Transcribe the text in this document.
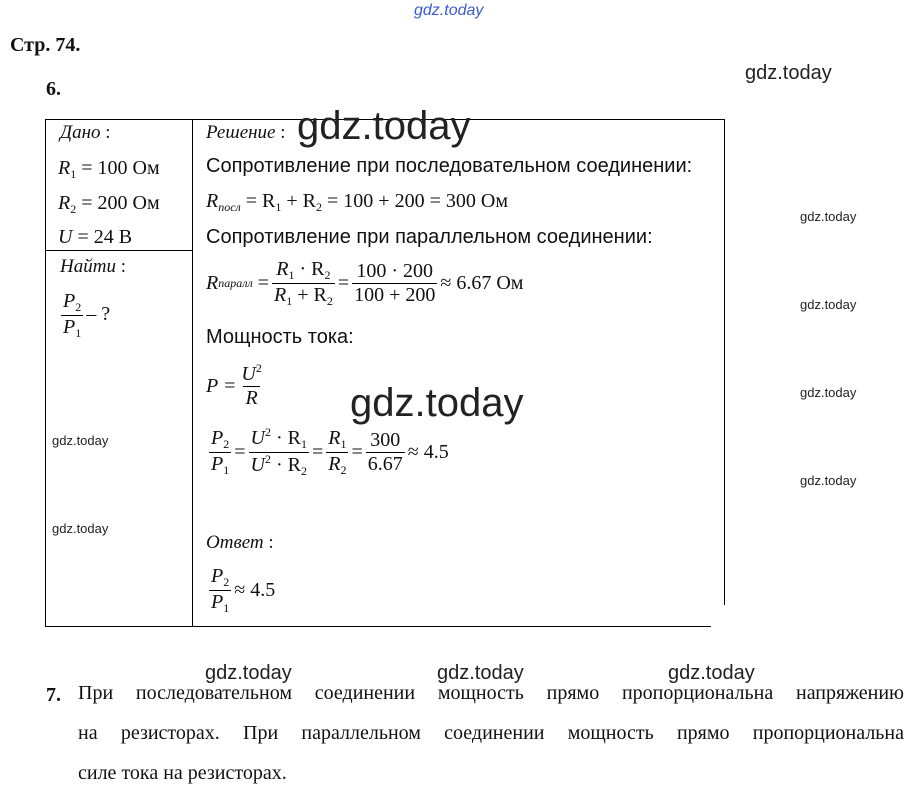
gdz.today
gdz.today
gdz.today
gdz.today
gdz.today
gdz.today
gdz.today
gdz.today
gdz.today	gdz.today	gdz.today
Стр. 74.
6.
Дано :
$R_1 = 100$ Ом
$R_2 = 200$ Ом
U = 24 В
Найти :
$\frac{P_2}{P_1}$ – ?
Решение : gdz.today
Сопротивление при последовательном соединении:
$R_{посл} = R_1 + R_2 = 100 + 200 = 300$ Ом
Сопротивление при параллельном соединении:
R паралл = $\frac{R_1 \cdot R_2}{R_1 + R_2} = \frac{100 \cdot 200}{100 + 200} \approx 6.67$ Ом
Мощность тока:
$P = \frac{U^2}{R}$ gdz.today
$\frac{P_2}{P_1} = \frac{U^2 \cdot R_1}{U^2 \cdot R_2} = \frac{R_1}{R_2} = \frac{300}{6.67} \approx 4.5$
Ответ :
$\frac{P_2}{P_1} \approx 4.5$
7. При последовательном соединении мощность прямо пропорциональна напряжению
на резисторах. При параллельном соединении мощность прямо пропорциональна
силе тока на резисторах.
